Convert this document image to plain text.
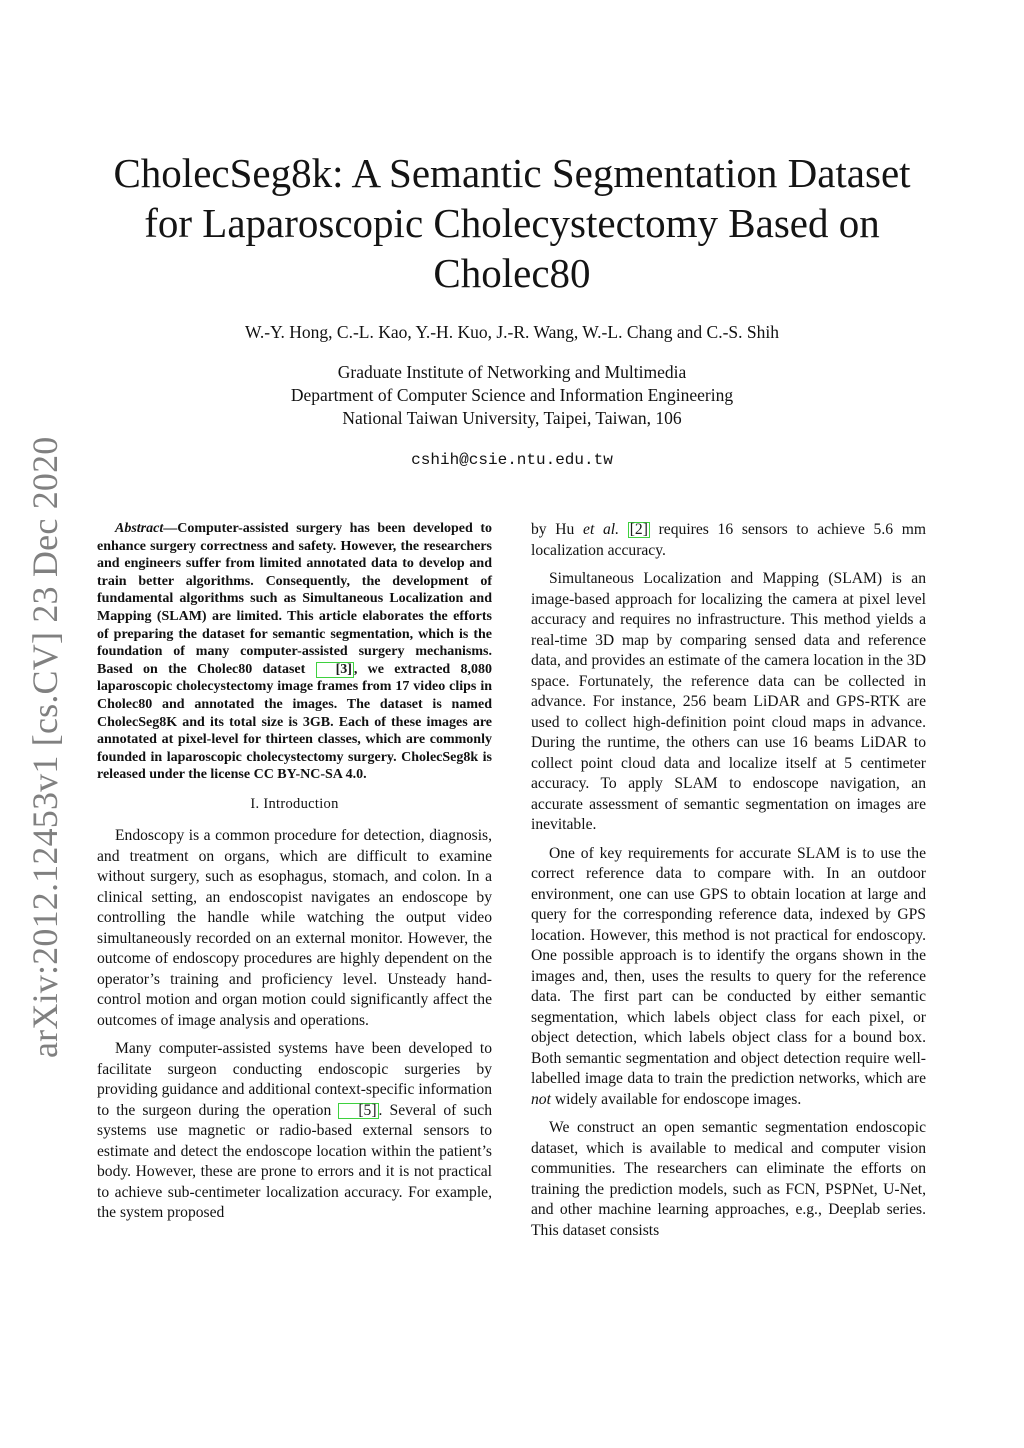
CholecSeg8k: A Semantic Segmentation Dataset
for Laparoscopic Cholecystectomy Based on
Cholec80
W.-Y. Hong, C.-L. Kao, Y.-H. Kuo, J.-R. Wang, W.-L. Chang and C.-S. Shih
Graduate Institute of Networking and Multimedia
Department of Computer Science and Information Engineering
National Taiwan University, Taipei, Taiwan, 106
cshih@csie.ntu.edu.tw
arXiv:2012.12453v1 [cs.CV] 23 Dec 2020	Abstract—Computer-assisted surgery has been developed to enhance surgery correctness and safety. However, the researchers and engineers suffer from limited annotated data to develop and train better algorithms. Consequently, the development of fundamental algorithms such as Simultaneous Localization and Mapping (SLAM) are limited. This article elaborates the efforts of preparing the dataset for semantic segmentation, which is the foundation of many computer-assisted surgery mechanisms. Based on the Cholec80 dataset [3] , we extracted 8,080 laparoscopic cholecystectomy image frames from 17 video clips in Cholec80 and annotated the images. The dataset is named CholecSeg8K and its total size is 3GB. Each of these images are annotated at pixel-level for thirteen classes, which are commonly founded in laparoscopic cholecystectomy surgery. CholecSeg8k is released under the license CC BY-NC-SA 4.0.

I. Introduction

Endoscopy is a common procedure for detection, diagnosis, and treatment on organs, which are difficult to examine without surgery, such as esophagus, stomach, and colon. In a clinical setting, an endoscopist navigates an endoscope by controlling the handle while watching the output video simultaneously recorded on an external monitor. However, the outcome of endoscopy procedures are highly dependent on the operator’s training and proficiency level. Unsteady hand-control motion and organ motion could significantly affect the outcomes of image analysis and operations.

Many computer-assisted systems have been developed to facilitate surgeon conducting endoscopic surgeries by providing guidance and additional context-specific information to the surgeon during the operation [5] . Several of such systems use magnetic or radio-based external sensors to estimate and detect the endoscope location within the patient’s body. However, these are prone to errors and it is not practical to achieve sub-centimeter localization accuracy. For example, the system proposed

by Hu et al. [2] requires 16 sensors to achieve 5.6 mm localization accuracy.

Simultaneous Localization and Mapping (SLAM) is an image-based approach for localizing the camera at pixel level accuracy and requires no infrastructure. This method yields a real-time 3D map by comparing sensed data and reference data, and provides an estimate of the camera location in the 3D space. Fortunately, the reference data can be collected in advance. For instance, 256 beam LiDAR and GPS-RTK are used to collect high-definition point cloud maps in advance. During the runtime, the others can use 16 beams LiDAR to collect point cloud data and localize itself at 5 centimeter accuracy. To apply SLAM to endoscope navigation, an accurate assessment of semantic segmentation on images are inevitable.

One of key requirements for accurate SLAM is to use the correct reference data to compare with. In an outdoor environment, one can use GPS to obtain location at large and query for the corresponding reference data, indexed by GPS location. However, this method is not practical for endoscopy. One possible approach is to identify the organs shown in the images and, then, uses the results to query for the reference data. The first part can be conducted by either semantic segmentation, which labels object class for each pixel, or object detection, which labels object class for a bound box. Both semantic segmentation and object detection require well-labelled image data to train the prediction networks, which are not widely available for endoscope images.

We construct an open semantic segmentation endoscopic dataset, which is available to medical and computer vision communities. The researchers can eliminate the efforts on training the prediction models, such as FCN, PSPNet, U-Net, and other machine learning approaches, e.g., Deeplab series. This dataset consists
